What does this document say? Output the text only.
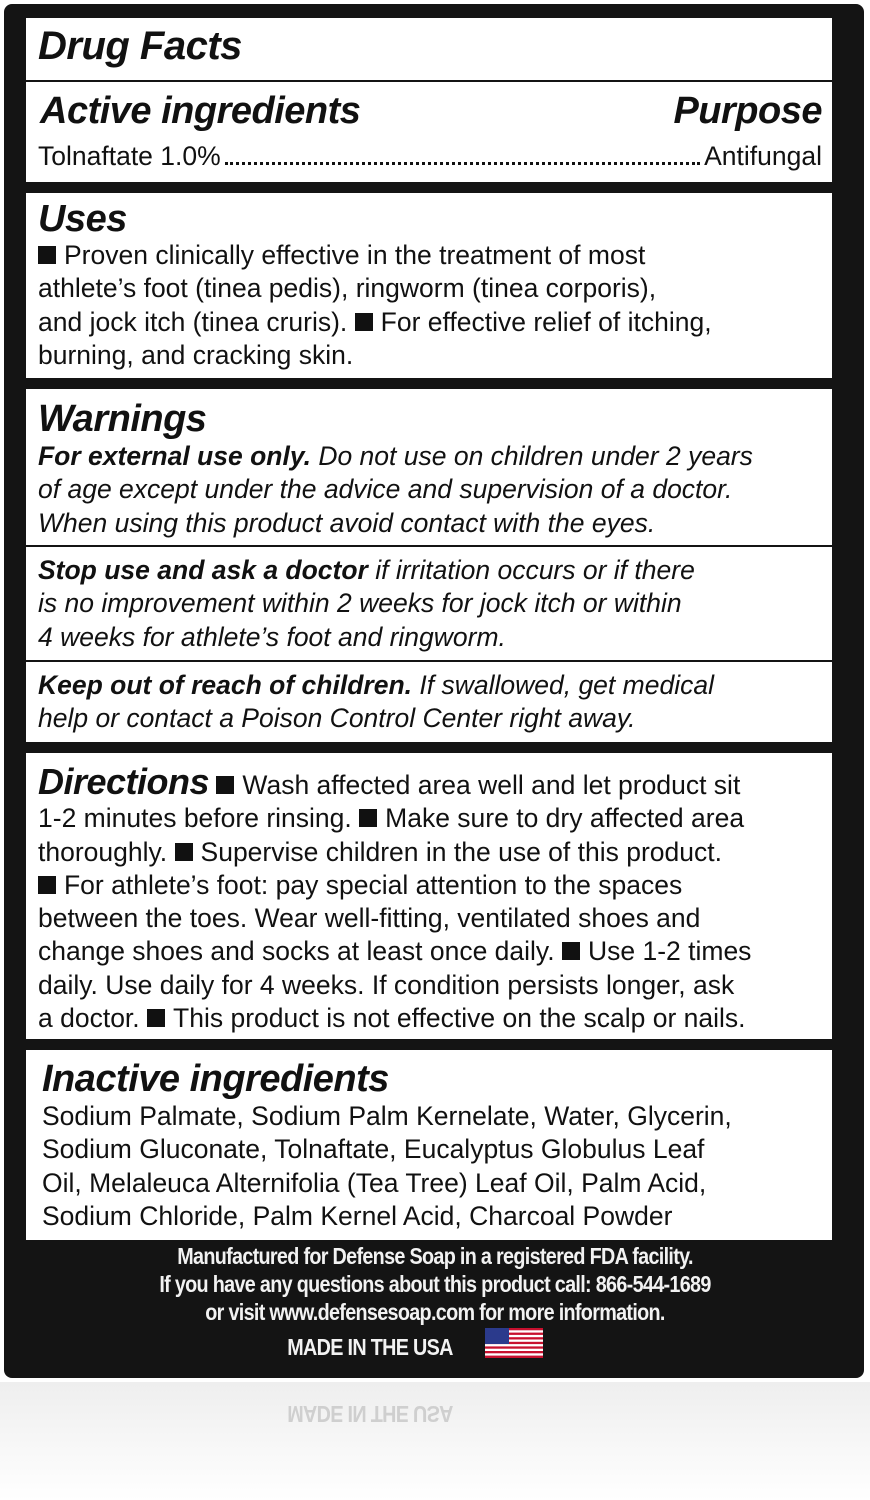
Drug Facts
Active ingredients	Purpose
Tolnaftate 1.0%	Antifungal
Uses
Proven clinically effective in the treatment of most
athlete’s foot (tinea pedis), ringworm (tinea corporis),
and jock itch (tinea cruris). For effective relief of itching,
burning, and cracking skin.
Warnings
For external use only. Do not use on children under 2 years
of age except under the advice and supervision of a doctor.
When using this product avoid contact with the eyes.
Stop use and ask a doctor if irritation occurs or if there
is no improvement within 2 weeks for jock itch or within
4 weeks for athlete’s foot and ringworm.
Keep out of reach of children. If swallowed, get medical
help or contact a Poison Control Center right away.
Directions Wash affected area well and let product sit
1-2 minutes before rinsing. Make sure to dry affected area
thoroughly. Supervise children in the use of this product.
For athlete’s foot: pay special attention to the spaces
between the toes. Wear well-fitting, ventilated shoes and
change shoes and socks at least once daily. Use 1-2 times
daily. Use daily for 4 weeks. If condition persists longer, ask
a doctor. This product is not effective on the scalp or nails.
Inactive ingredients
Sodium Palmate, Sodium Palm Kernelate, Water, Glycerin,
Sodium Gluconate, Tolnaftate, Eucalyptus Globulus Leaf
Oil, Melaleuca Alternifolia (Tea Tree) Leaf Oil, Palm Acid,
Sodium Chloride, Palm Kernel Acid, Charcoal Powder
Manufactured for Defense Soap in a registered FDA facility.
If you have any questions about this product call: 866-544-1689
or visit www.defensesoap.com for more information.
MADE IN THE USA
MADE IN THE USA
